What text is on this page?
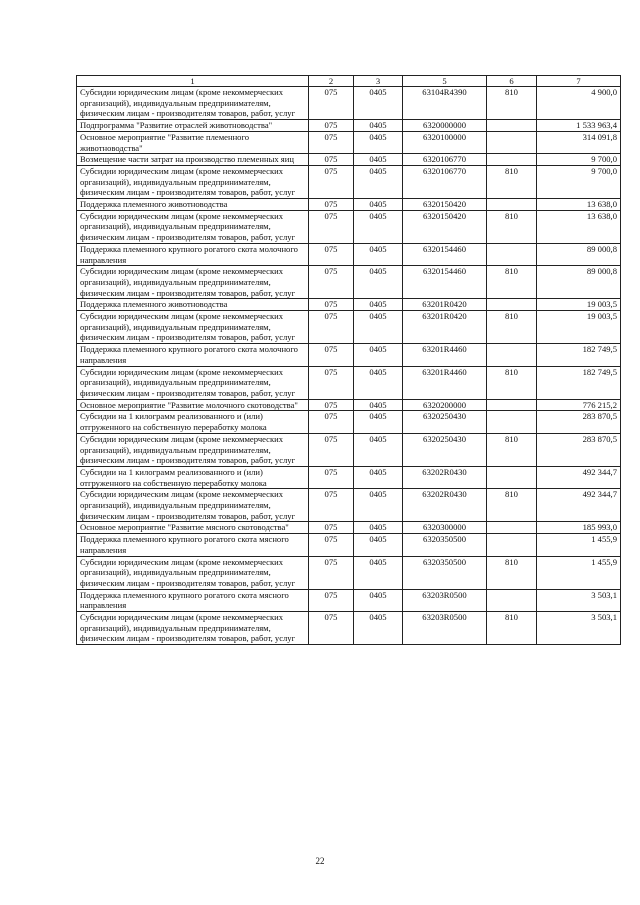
1	2	3	5	6	7
Субсидии юридическим лицам (кроме некоммерческих организаций), индивидуальным предпринимателям, физическим лицам - производителям товаров, работ, услуг	075	0405	63104R4390	810	4 900,0
Подпрограмма "Развитие отраслей животноводства"	075	0405	6320000000		1 533 963,4
Основное мероприятие "Развитие племенного животноводства"	075	0405	6320100000		314 091,8
Возмещение части затрат на производство племенных яиц	075	0405	6320106770		9 700,0
Субсидии юридическим лицам (кроме некоммерческих организаций), индивидуальным предпринимателям, физическим лицам - производителям товаров, работ, услуг	075	0405	6320106770	810	9 700,0
Поддержка племенного животноводства	075	0405	6320150420		13 638,0
Субсидии юридическим лицам (кроме некоммерческих организаций), индивидуальным предпринимателям, физическим лицам - производителям товаров, работ, услуг	075	0405	6320150420	810	13 638,0
Поддержка племенного крупного рогатого скота молочного направления	075	0405	6320154460		89 000,8
Субсидии юридическим лицам (кроме некоммерческих организаций), индивидуальным предпринимателям, физическим лицам - производителям товаров, работ, услуг	075	0405	6320154460	810	89 000,8
Поддержка племенного животноводства	075	0405	63201R0420		19 003,5
Субсидии юридическим лицам (кроме некоммерческих организаций), индивидуальным предпринимателям, физическим лицам - производителям товаров, работ, услуг	075	0405	63201R0420	810	19 003,5
Поддержка племенного крупного рогатого скота молочного направления	075	0405	63201R4460		182 749,5
Субсидии юридическим лицам (кроме некоммерческих организаций), индивидуальным предпринимателям, физическим лицам - производителям товаров, работ, услуг	075	0405	63201R4460	810	182 749,5
Основное мероприятие "Развитие молочного скотоводства"	075	0405	6320200000		776 215,2
Субсидии на 1 килограмм реализованного и (или) отгруженного на собственную переработку молока	075	0405	6320250430		283 870,5
Субсидии юридическим лицам (кроме некоммерческих организаций), индивидуальным предпринимателям, физическим лицам - производителям товаров, работ, услуг	075	0405	6320250430	810	283 870,5
Субсидии на 1 килограмм реализованного и (или) отгруженного на собственную переработку молока	075	0405	63202R0430		492 344,7
Субсидии юридическим лицам (кроме некоммерческих организаций), индивидуальным предпринимателям, физическим лицам - производителям товаров, работ, услуг	075	0405	63202R0430	810	492 344,7
Основное мероприятие "Развитие мясного скотоводства"	075	0405	6320300000		185 993,0
Поддержка племенного крупного рогатого скота мясного направления	075	0405	6320350500		1 455,9
Субсидии юридическим лицам (кроме некоммерческих организаций), индивидуальным предпринимателям, физическим лицам - производителям товаров, работ, услуг	075	0405	6320350500	810	1 455,9
Поддержка племенного крупного рогатого скота мясного направления	075	0405	63203R0500		3 503,1
Субсидии юридическим лицам (кроме некоммерческих организаций), индивидуальным предпринимателям, физическим лицам - производителям товаров, работ, услуг	075	0405	63203R0500	810	3 503,1
22
